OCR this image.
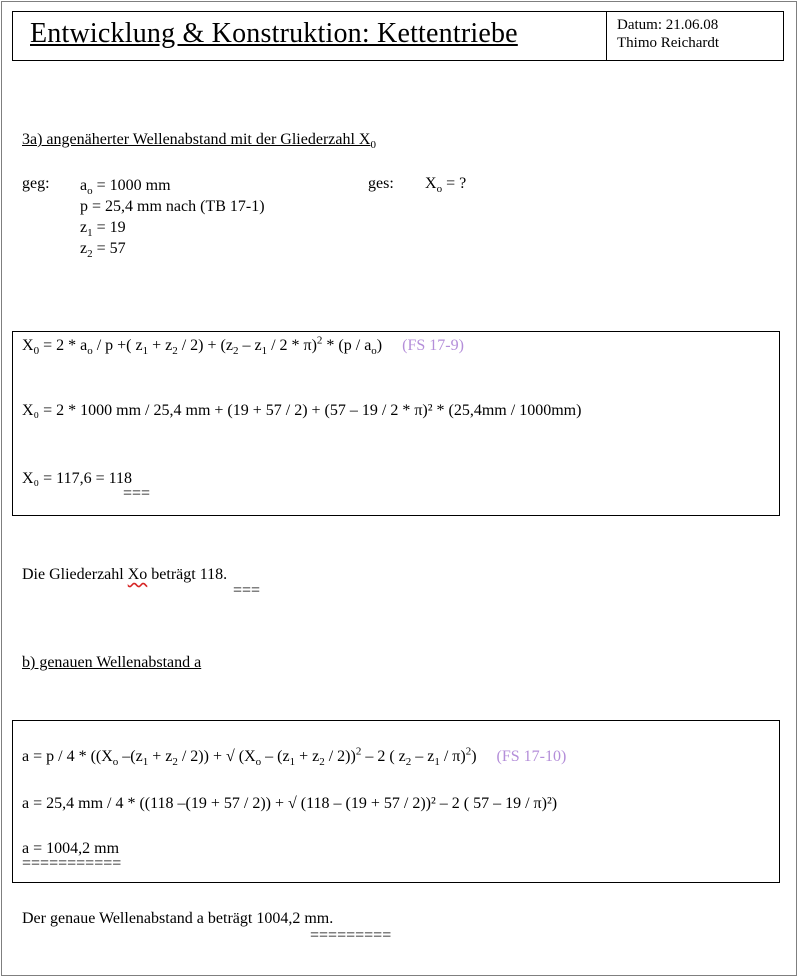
Entwicklung & Konstruktion: Kettentriebe	Datum: 21.06.08
Thimo Reichardt
3a) angenäherter Wellenabstand mit der Gliederzahl $X_0$
geg: $a_o = 1000$ mm
p = 25,4 mm nach (TB 17-1)
$z_1 = 19$
$z_2 = 57$
ges: $X_o$ = ?
$X_0 = 2 * a_o / p$ +( $z_1 + z_2 / 2) + (z_2 - z_1 / 2 * \pi)^2 * (p / a_o)$     (FS 17-9)
X₀ = 2 * 1000 mm / 25,4 mm + (19 + 57 / 2) + (57 – 19 / 2 * π)² * (25,4mm / 1000mm)
X₀ = 117,6 = 118
===
Die Gliederzahl Xo beträgt 118.
===
b) genauen Wellenabstand a
$a = p / 4 * ((X_o$ $-(z_1 + z_2 / 2)$) + √ $(X_o - (z_1 + z_2 / 2))^2 - 2$ ( $z_2 - z_1 / \pi)^2$)     (FS 17-10)
a = 25,4 mm / 4 * ((118 –(19 + 57 / 2)) + √ (118 – (19 + 57 / 2))² – 2 ( 57 – 19 / π)²)
a = 1004,2 mm
===========
Der genaue Wellenabstand a beträgt 1004,2 mm.
=========
